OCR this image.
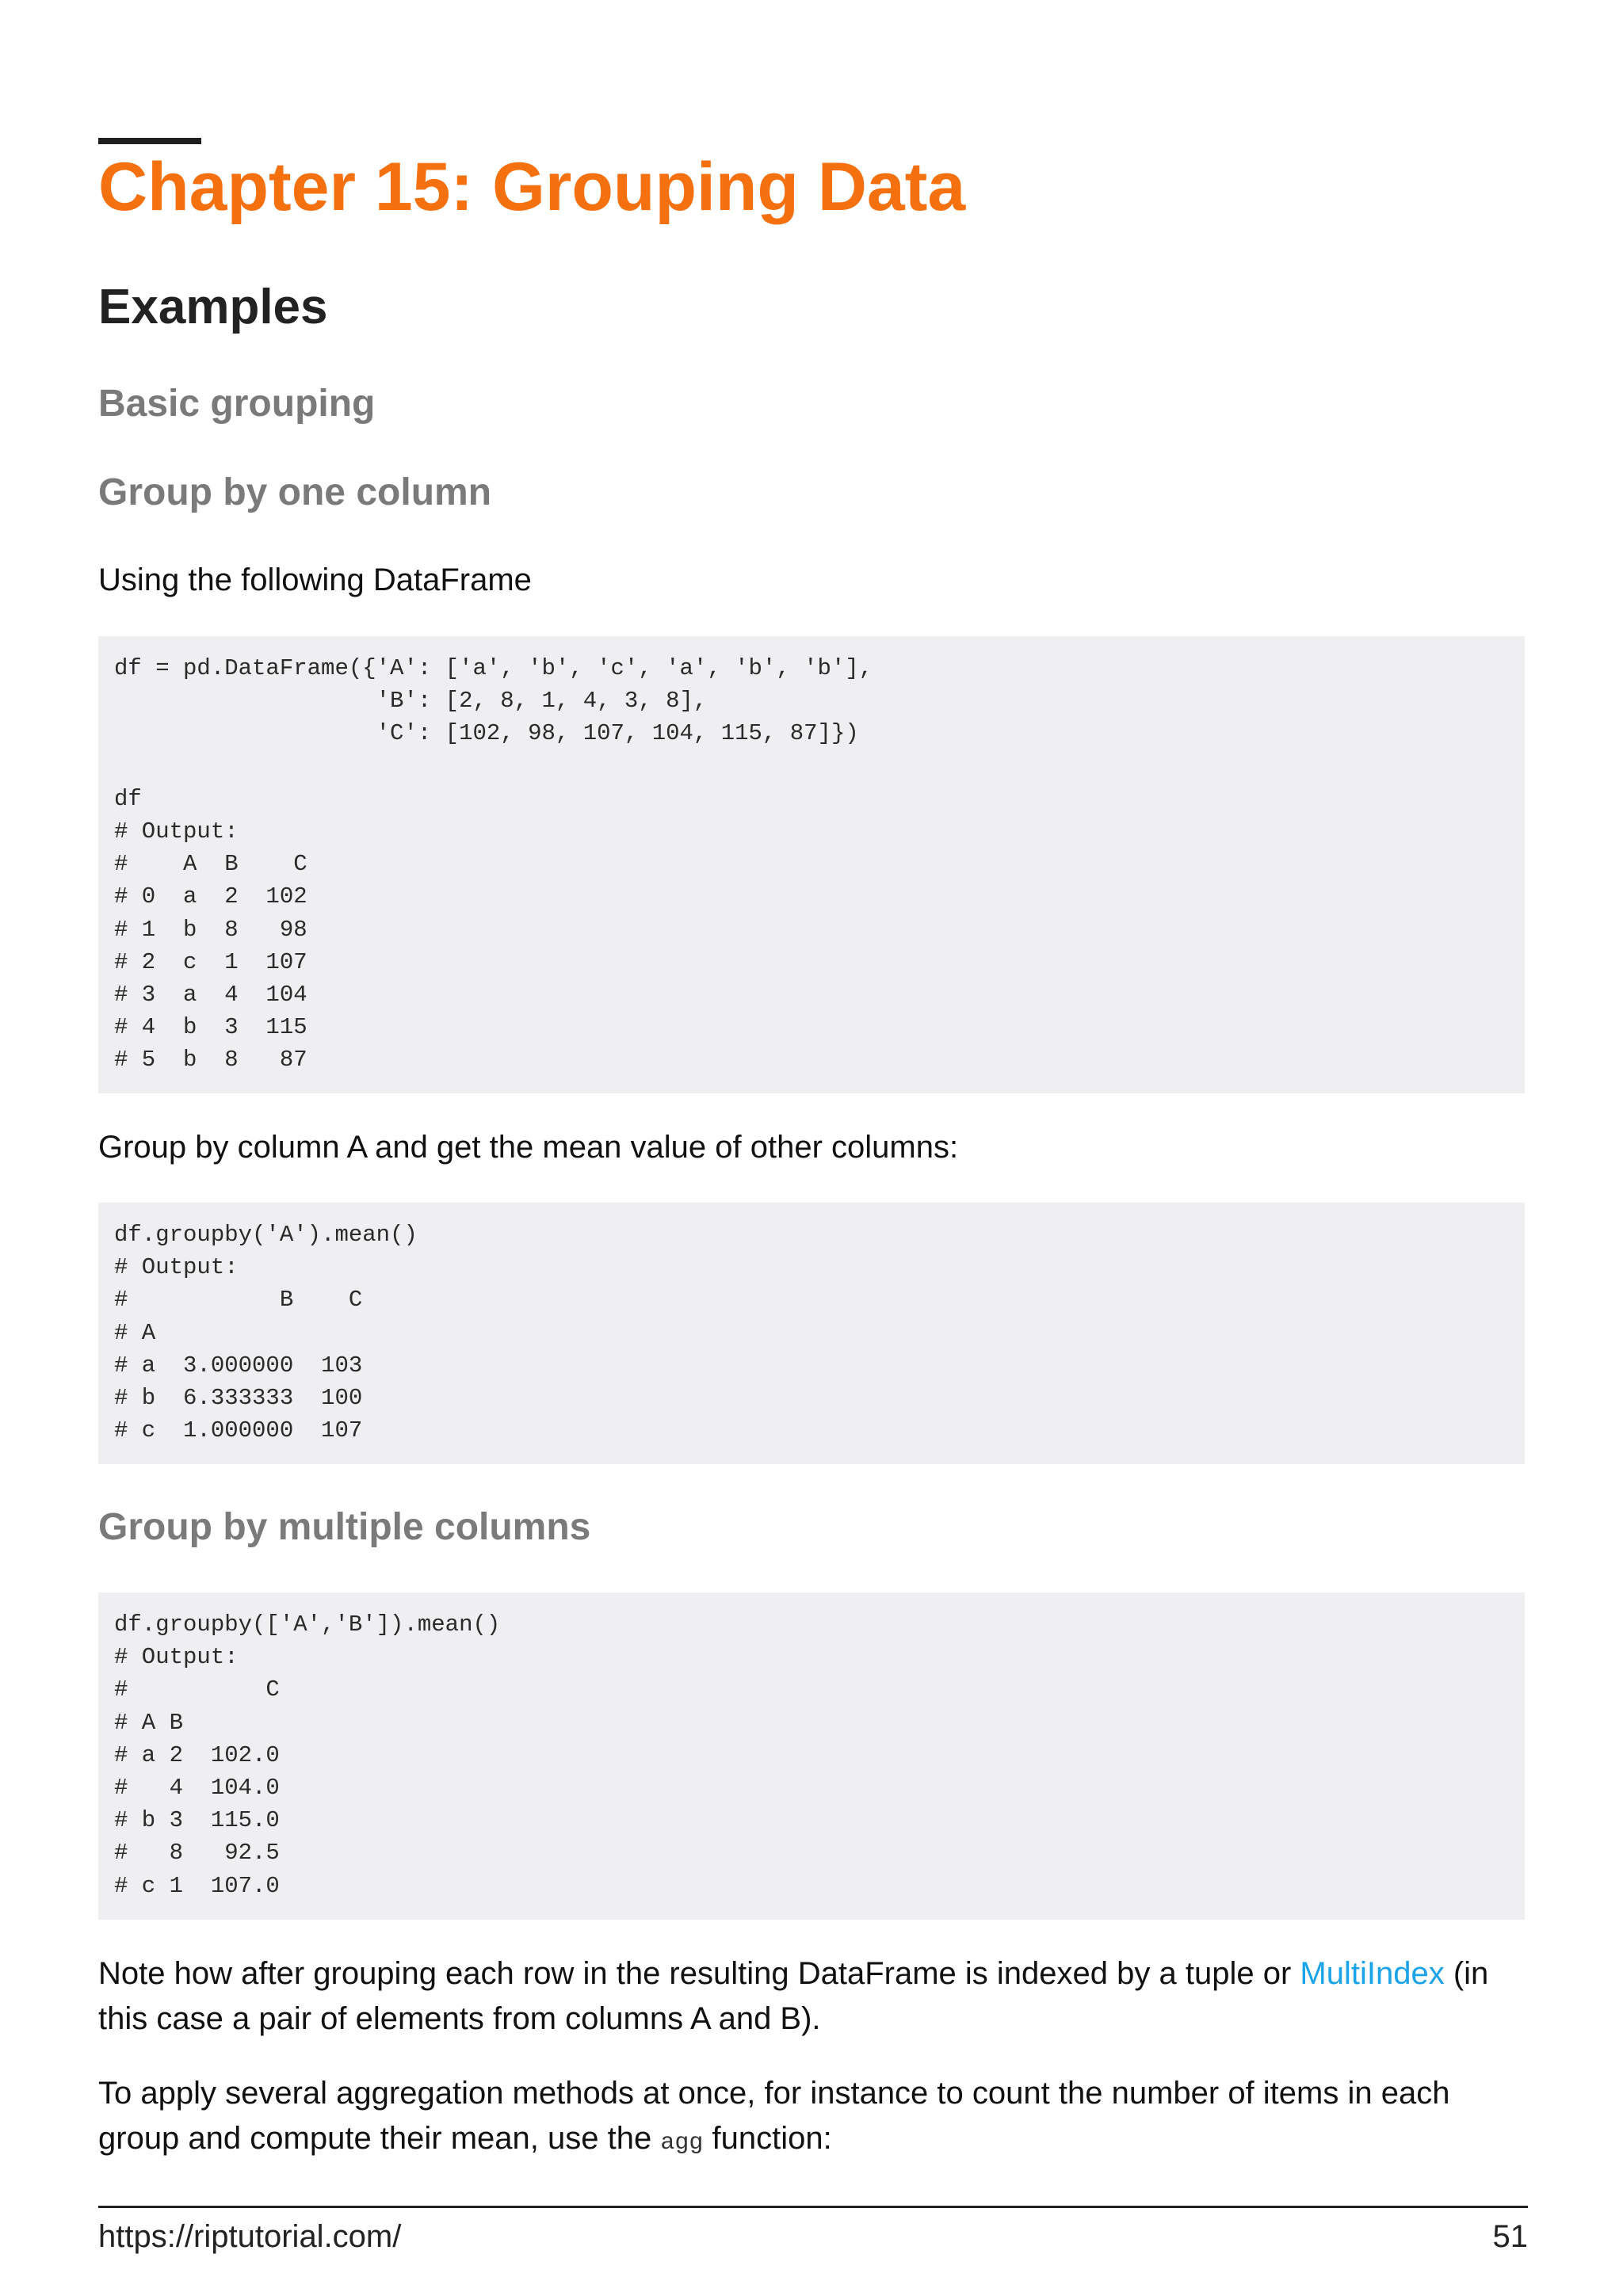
Chapter 15: Grouping Data
Examples
Basic grouping
Group by one column

Using the following DataFrame

df = pd.DataFrame({'A': ['a', 'b', 'c', 'a', 'b', 'b'],
'B': [2, 8, 1, 4, 3, 8],
'C': [102, 98, 107, 104, 115, 87]})

df
# Output:
#    A  B    C
# 0  a  2  102
# 1  b  8   98
# 2  c  1  107
# 3  a  4  104
# 4  b  3  115
# 5  b  8   87

Group by column A and get the mean value of other columns:

df.groupby('A').mean()
# Output:
#           B    C
# A
# a  3.000000  103
# b  6.333333  100
# c  1.000000  107
Group by multiple columns
df.groupby(['A','B']).mean()
# Output:
#          C
# A B
# a 2  102.0
#   4  104.0
# b 3  115.0
#   8   92.5
# c 1  107.0

Note how after grouping each row in the resulting DataFrame is indexed by a tuple or MultiIndex (in this case a pair of elements from columns A and B).

To apply several aggregation methods at once, for instance to count the number of items in each group and compute their mean, use the agg function:

https://riptutorial.com/	51
